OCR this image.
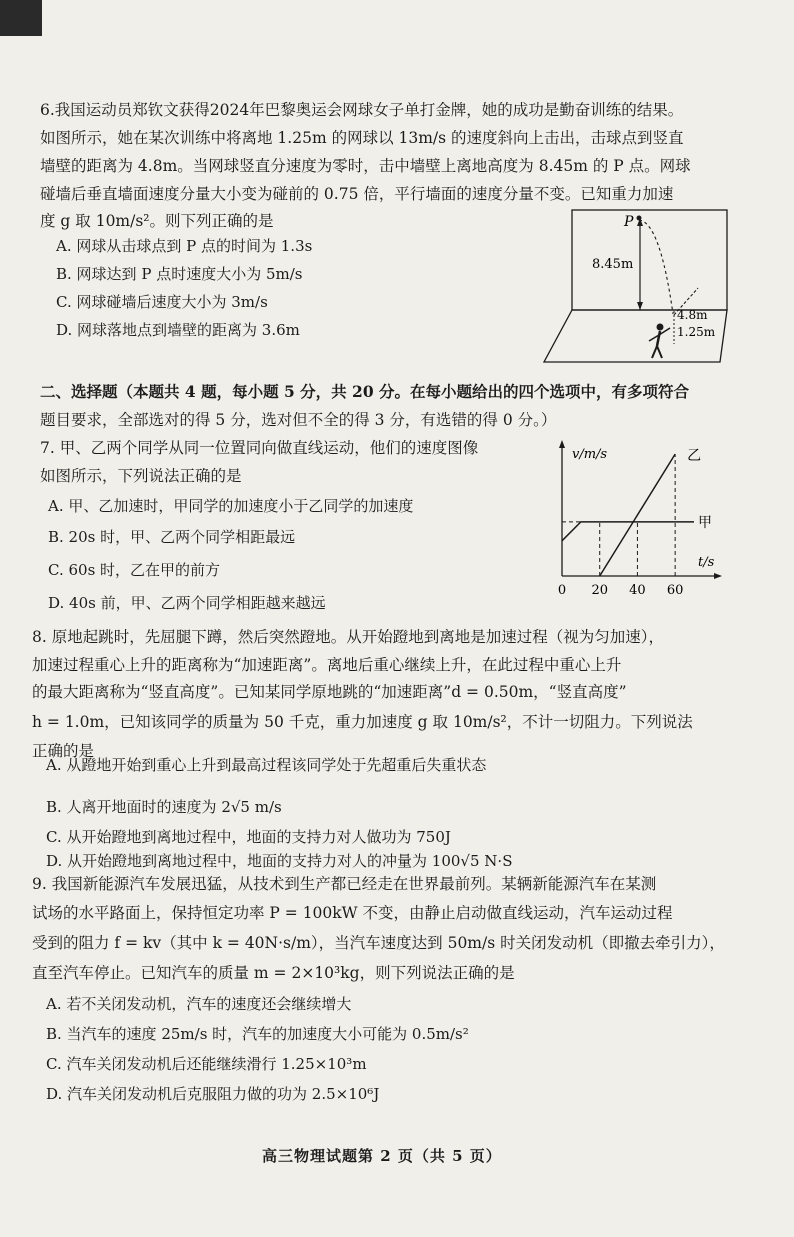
6.我国运动员郑钦文获得2024年巴黎奥运会网球女子单打金牌，她的成功是勤奋训练的结果。
如图所示，她在某次训练中将离地 1.25m 的网球以 13m/s 的速度斜向上击出，击球点到竖直
墙壁的距离为 4.8m。当网球竖直分速度为零时，击中墙壁上离地高度为 8.45m 的 P 点。网球
碰墙后垂直墙面速度分量大小变为碰前的 0.75 倍，平行墙面的速度分量不变。已知重力加速
度 g 取 10m/s²。则下列正确的是
A. 网球从击球点到 P 点的时间为 1.3s
B. 网球达到 P 点时速度大小为 5m/s
C. 网球碰墙后速度大小为 3m/s
D. 网球落地点到墙壁的距离为 3.6m
P
8.45m
4.8m
1.25m
二、选择题（本题共 4 题，每小题 5 分，共 20 分。在每小题给出的四个选项中，有多项符合
题目要求，全部选对的得 5 分，选对但不全的得 3 分，有选错的得 0 分。）
7. 甲、乙两个同学从同一位置同向做直线运动，他们的速度图像
如图所示，下列说法正确的是
A. 甲、乙加速时，甲同学的加速度小于乙同学的加速度
B. 20s 时，甲、乙两个同学相距最远
C. 60s 时，乙在甲的前方
D. 40s 前，甲、乙两个同学相距越来越远
甲
乙
v/m/s
t/s
0 20 40 60
8. 原地起跳时，先屈腿下蹲，然后突然蹬地。从开始蹬地到离地是加速过程（视为匀加速），
加速过程重心上升的距离称为“加速距离”。离地后重心继续上升，在此过程中重心上升
的最大距离称为“竖直高度”。已知某同学原地跳的“加速距离”d = 0.50m，“竖直高度”
h = 1.0m，已知该同学的质量为 50 千克，重力加速度 g 取 10m/s²，不计一切阻力。下列说法
正确的是
A. 从蹬地开始到重心上升到最高过程该同学处于先超重后失重状态
B. 人离开地面时的速度为 2√5 m/s
C. 从开始蹬地到离地过程中，地面的支持力对人做功为 750J
D. 从开始蹬地到离地过程中，地面的支持力对人的冲量为 100√5 N·S
9. 我国新能源汽车发展迅猛，从技术到生产都已经走在世界最前列。某辆新能源汽车在某测
试场的水平路面上，保持恒定功率 P = 100kW 不变，由静止启动做直线运动，汽车运动过程
受到的阻力 f = kv（其中 k = 40N·s/m），当汽车速度达到 50m/s 时关闭发动机（即撤去牵引力），
直至汽车停止。已知汽车的质量 m = 2×10³kg，则下列说法正确的是
A. 若不关闭发动机，汽车的速度还会继续增大
B. 当汽车的速度 25m/s 时，汽车的加速度大小可能为 0.5m/s²
C. 汽车关闭发动机后还能继续滑行 1.25×10³m
D. 汽车关闭发动机后克服阻力做的功为 2.5×10⁶J
高三物理试题第 2 页（共 5 页）
